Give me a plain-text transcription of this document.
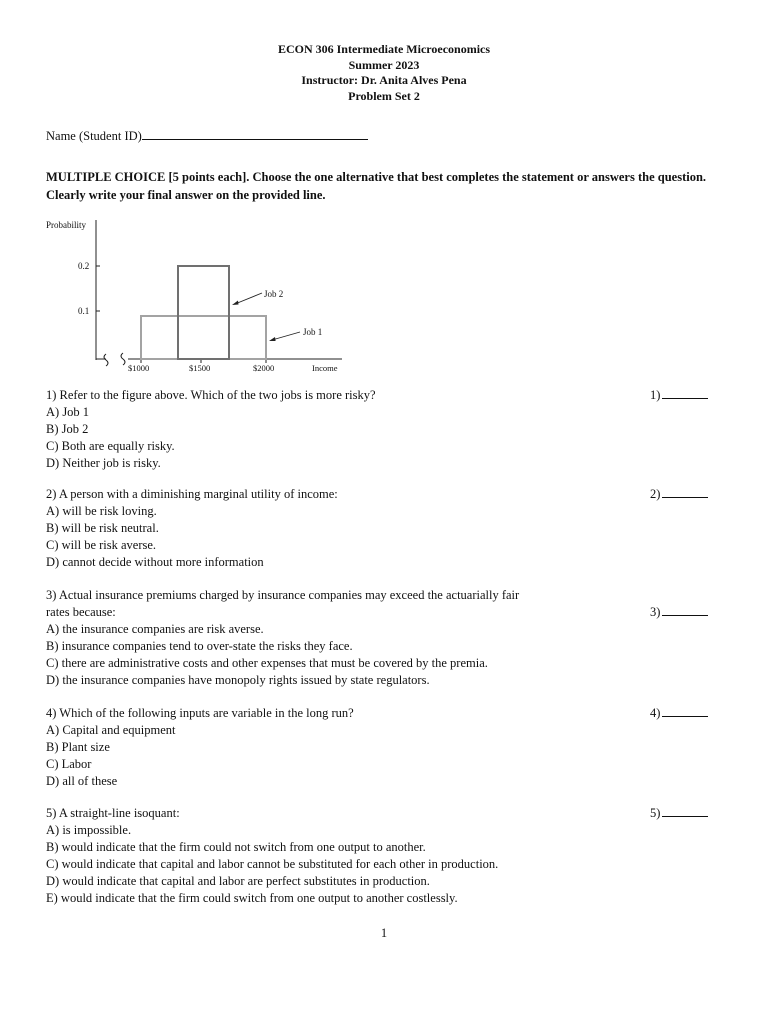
ECON 306 Intermediate Microeconomics
Summer 2023
Instructor: Dr. Anita Alves Pena
Problem Set 2
Name (Student ID)
MULTIPLE CHOICE [5 points each]. Choose the one alternative that best completes the statement or answers the question. Clearly write your final answer on the provided line.
Probability
0.2
0.1
$1000	$1500	$2000	Income
Job 2
Job 1
1) Refer to the figure above. Which of the two jobs is more risky?	1)
A) Job 1
B) Job 2
C) Both are equally risky.
D) Neither job is risky.
2) A person with a diminishing marginal utility of income:	2)
A) will be risk loving.
B) will be risk neutral.
C) will be risk averse.
D) cannot decide without more information
3) Actual insurance premiums charged by insurance companies may exceed the actuarially fair
rates because:	3)
A) the insurance companies are risk averse.
B) insurance companies tend to over-state the risks they face.
C) there are administrative costs and other expenses that must be covered by the premia.
D) the insurance companies have monopoly rights issued by state regulators.
4) Which of the following inputs are variable in the long run?	4)
A) Capital and equipment
B) Plant size
C) Labor
D) all of these
5) A straight-line isoquant:	5)
A) is impossible.
B) would indicate that the firm could not switch from one output to another.
C) would indicate that capital and labor cannot be substituted for each other in production.
D) would indicate that capital and labor are perfect substitutes in production.
E) would indicate that the firm could switch from one output to another costlessly.
1
